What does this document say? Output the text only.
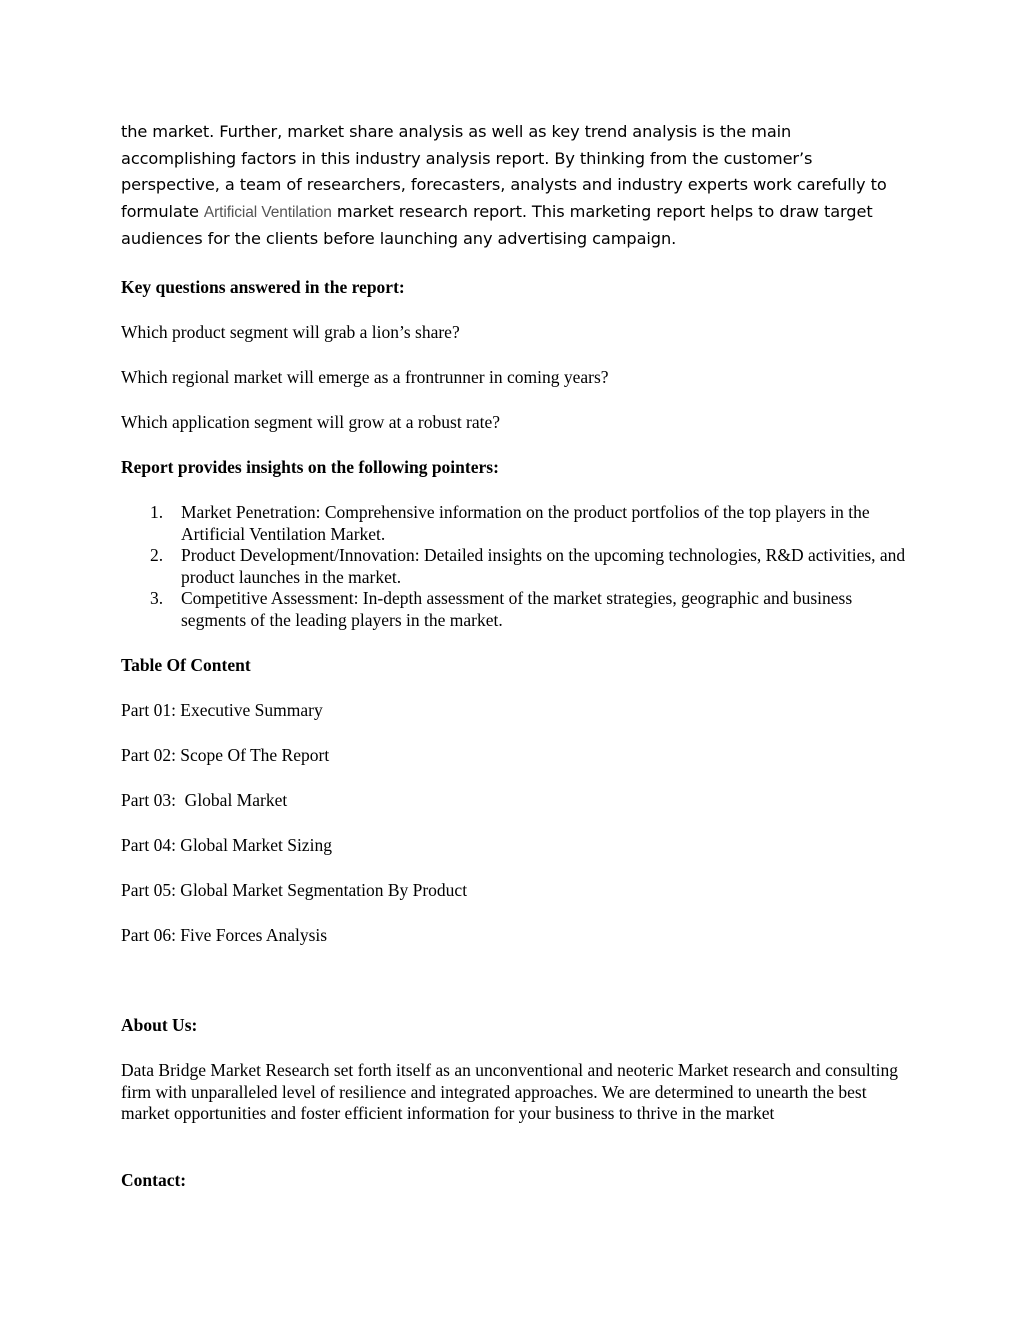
the market. Further, market share analysis as well as key trend analysis is the main accomplishing factors in this industry analysis report. By thinking from the customer’s perspective, a team of researchers, forecasters, analysts and industry experts work carefully to formulate Artificial Ventilation market research report. This marketing report helps to draw target audiences for the clients before launching any advertising campaign.

Key questions answered in the report:

Which product segment will grab a lion’s share?

Which regional market will emerge as a frontrunner in coming years?

Which application segment will grow at a robust rate?

Report provides insights on the following pointers:

1. Market Penetration: Comprehensive information on the product portfolios of the top players in the Artificial Ventilation Market.
2. Product Development/Innovation: Detailed insights on the upcoming technologies, R&D activities, and product launches in the market.
3. Competitive Assessment: In-depth assessment of the market strategies, geographic and business segments of the leading players in the market.

Table Of Content

Part 01: Executive Summary

Part 02: Scope Of The Report

Part 03:  Global Market

Part 04: Global Market Sizing

Part 05: Global Market Segmentation By Product

Part 06: Five Forces Analysis

About Us:

Data Bridge Market Research set forth itself as an unconventional and neoteric Market research and consulting firm with unparalleled level of resilience and integrated approaches. We are determined to unearth the best market opportunities and foster efficient information for your business to thrive in the market

Contact:
